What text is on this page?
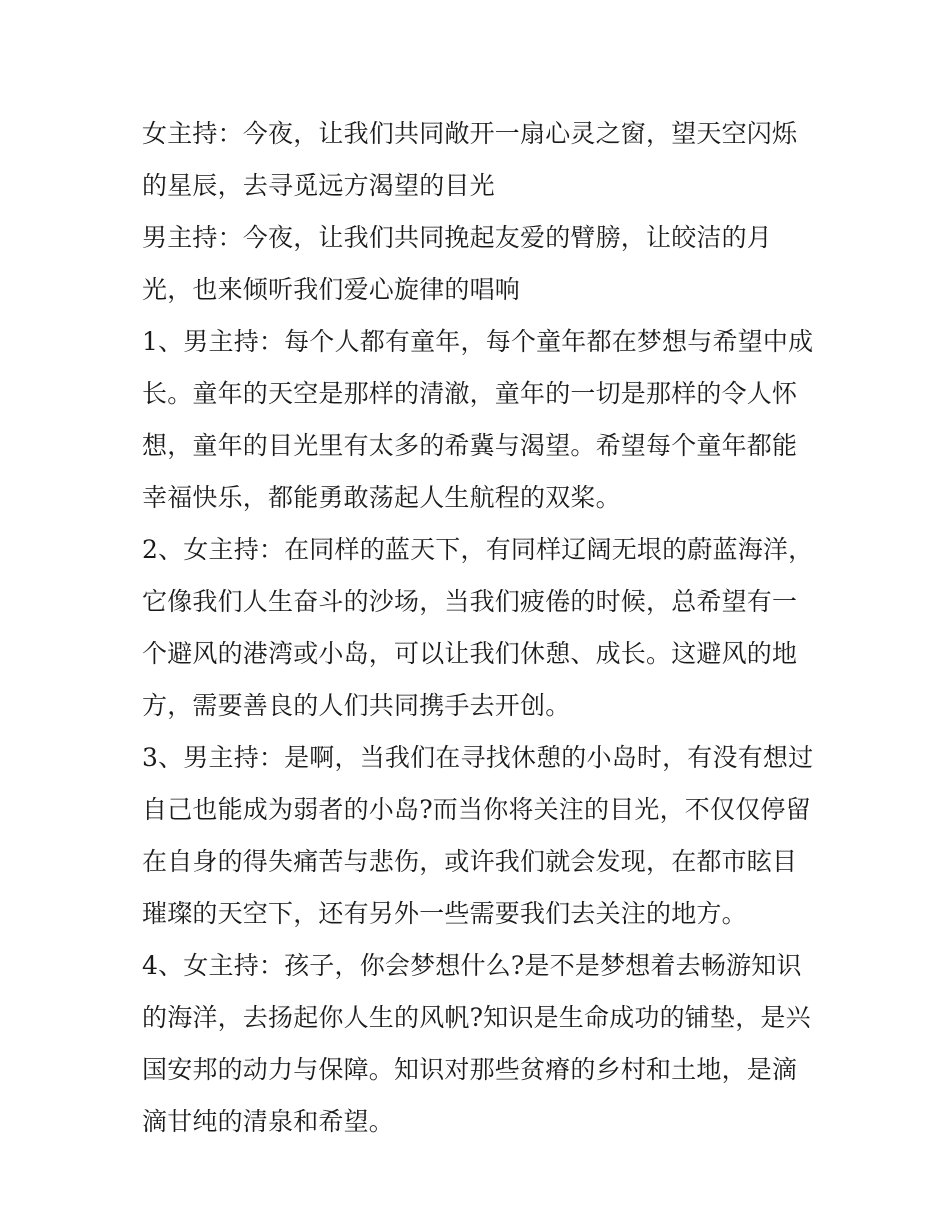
女主持：今夜，让我们共同敞开一扇心灵之窗，望天空闪烁的星辰，去寻觅远方渴望的目光

男主持：今夜，让我们共同挽起友爱的臂膀，让皎洁的月光，也来倾听我们爱心旋律的唱响

1、男主持：每个人都有童年，每个童年都在梦想与希望中成长。童年的天空是那样的清澈，童年的一切是那样的令人怀想，童年的目光里有太多的希冀与渴望。希望每个童年都能幸福快乐，都能勇敢荡起人生航程的双桨。

2、女主持：在同样的蓝天下，有同样辽阔无垠的蔚蓝海洋，它像我们人生奋斗的沙场，当我们疲倦的时候，总希望有一个避风的港湾或小岛，可以让我们休憩、成长。这避风的地方，需要善良的人们共同携手去开创。

3、男主持：是啊，当我们在寻找休憩的小岛时，有没有想过自己也能成为弱者的小岛?而当你将关注的目光，不仅仅停留在自身的得失痛苦与悲伤，或许我们就会发现，在都市眩目璀璨的天空下，还有另外一些需要我们去关注的地方。

4、女主持：孩子，你会梦想什么?是不是梦想着去畅游知识的海洋，去扬起你人生的风帆?知识是生命成功的铺垫，是兴国安邦的动力与保障。知识对那些贫瘠的乡村和土地，是滴滴甘纯的清泉和希望。
